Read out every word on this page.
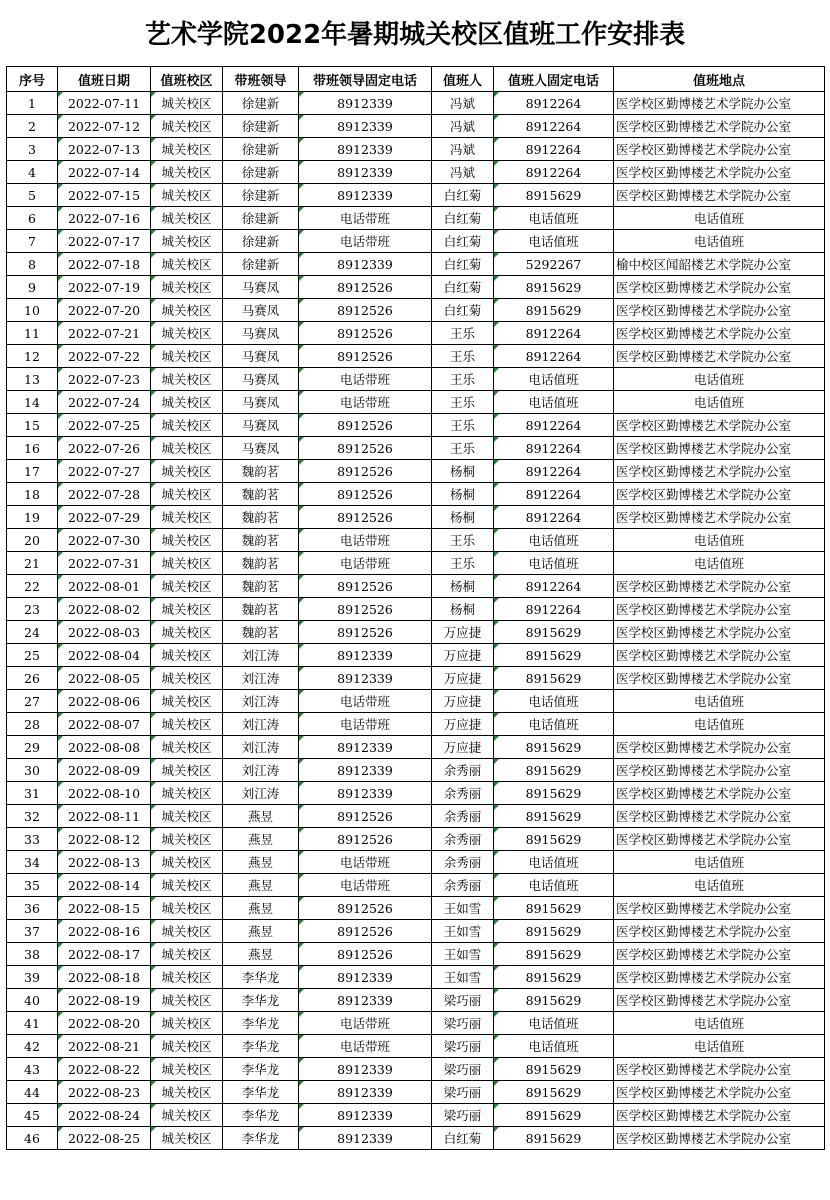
艺术学院2022年暑期城关校区值班工作安排表
序号	值班日期	值班校区	带班领导	带班领导固定电话	值班人	值班人固定电话	值班地点
1	2022-07-11	城关校区	徐建新	8912339	冯斌	8912264	医学校区勤博楼艺术学院办公室
2	2022-07-12	城关校区	徐建新	8912339	冯斌	8912264	医学校区勤博楼艺术学院办公室
3	2022-07-13	城关校区	徐建新	8912339	冯斌	8912264	医学校区勤博楼艺术学院办公室
4	2022-07-14	城关校区	徐建新	8912339	冯斌	8912264	医学校区勤博楼艺术学院办公室
5	2022-07-15	城关校区	徐建新	8912339	白红菊	8915629	医学校区勤博楼艺术学院办公室
6	2022-07-16	城关校区	徐建新	电话带班	白红菊	电话值班	电话值班
7	2022-07-17	城关校区	徐建新	电话带班	白红菊	电话值班	电话值班
8	2022-07-18	城关校区	徐建新	8912339	白红菊	5292267	榆中校区闻韶楼艺术学院办公室
9	2022-07-19	城关校区	马赛凤	8912526	白红菊	8915629	医学校区勤博楼艺术学院办公室
10	2022-07-20	城关校区	马赛凤	8912526	白红菊	8915629	医学校区勤博楼艺术学院办公室
11	2022-07-21	城关校区	马赛凤	8912526	王乐	8912264	医学校区勤博楼艺术学院办公室
12	2022-07-22	城关校区	马赛凤	8912526	王乐	8912264	医学校区勤博楼艺术学院办公室
13	2022-07-23	城关校区	马赛凤	电话带班	王乐	电话值班	电话值班
14	2022-07-24	城关校区	马赛凤	电话带班	王乐	电话值班	电话值班
15	2022-07-25	城关校区	马赛凤	8912526	王乐	8912264	医学校区勤博楼艺术学院办公室
16	2022-07-26	城关校区	马赛凤	8912526	王乐	8912264	医学校区勤博楼艺术学院办公室
17	2022-07-27	城关校区	魏韵茗	8912526	杨桐	8912264	医学校区勤博楼艺术学院办公室
18	2022-07-28	城关校区	魏韵茗	8912526	杨桐	8912264	医学校区勤博楼艺术学院办公室
19	2022-07-29	城关校区	魏韵茗	8912526	杨桐	8912264	医学校区勤博楼艺术学院办公室
20	2022-07-30	城关校区	魏韵茗	电话带班	王乐	电话值班	电话值班
21	2022-07-31	城关校区	魏韵茗	电话带班	王乐	电话值班	电话值班
22	2022-08-01	城关校区	魏韵茗	8912526	杨桐	8912264	医学校区勤博楼艺术学院办公室
23	2022-08-02	城关校区	魏韵茗	8912526	杨桐	8912264	医学校区勤博楼艺术学院办公室
24	2022-08-03	城关校区	魏韵茗	8912526	万应捷	8915629	医学校区勤博楼艺术学院办公室
25	2022-08-04	城关校区	刘江涛	8912339	万应捷	8915629	医学校区勤博楼艺术学院办公室
26	2022-08-05	城关校区	刘江涛	8912339	万应捷	8915629	医学校区勤博楼艺术学院办公室
27	2022-08-06	城关校区	刘江涛	电话带班	万应捷	电话值班	电话值班
28	2022-08-07	城关校区	刘江涛	电话带班	万应捷	电话值班	电话值班
29	2022-08-08	城关校区	刘江涛	8912339	万应捷	8915629	医学校区勤博楼艺术学院办公室
30	2022-08-09	城关校区	刘江涛	8912339	余秀丽	8915629	医学校区勤博楼艺术学院办公室
31	2022-08-10	城关校区	刘江涛	8912339	余秀丽	8915629	医学校区勤博楼艺术学院办公室
32	2022-08-11	城关校区	燕昱	8912526	余秀丽	8915629	医学校区勤博楼艺术学院办公室
33	2022-08-12	城关校区	燕昱	8912526	余秀丽	8915629	医学校区勤博楼艺术学院办公室
34	2022-08-13	城关校区	燕昱	电话带班	余秀丽	电话值班	电话值班
35	2022-08-14	城关校区	燕昱	电话带班	余秀丽	电话值班	电话值班
36	2022-08-15	城关校区	燕昱	8912526	王如雪	8915629	医学校区勤博楼艺术学院办公室
37	2022-08-16	城关校区	燕昱	8912526	王如雪	8915629	医学校区勤博楼艺术学院办公室
38	2022-08-17	城关校区	燕昱	8912526	王如雪	8915629	医学校区勤博楼艺术学院办公室
39	2022-08-18	城关校区	李华龙	8912339	王如雪	8915629	医学校区勤博楼艺术学院办公室
40	2022-08-19	城关校区	李华龙	8912339	梁巧丽	8915629	医学校区勤博楼艺术学院办公室
41	2022-08-20	城关校区	李华龙	电话带班	梁巧丽	电话值班	电话值班
42	2022-08-21	城关校区	李华龙	电话带班	梁巧丽	电话值班	电话值班
43	2022-08-22	城关校区	李华龙	8912339	梁巧丽	8915629	医学校区勤博楼艺术学院办公室
44	2022-08-23	城关校区	李华龙	8912339	梁巧丽	8915629	医学校区勤博楼艺术学院办公室
45	2022-08-24	城关校区	李华龙	8912339	梁巧丽	8915629	医学校区勤博楼艺术学院办公室
46	2022-08-25	城关校区	李华龙	8912339	白红菊	8915629	医学校区勤博楼艺术学院办公室
